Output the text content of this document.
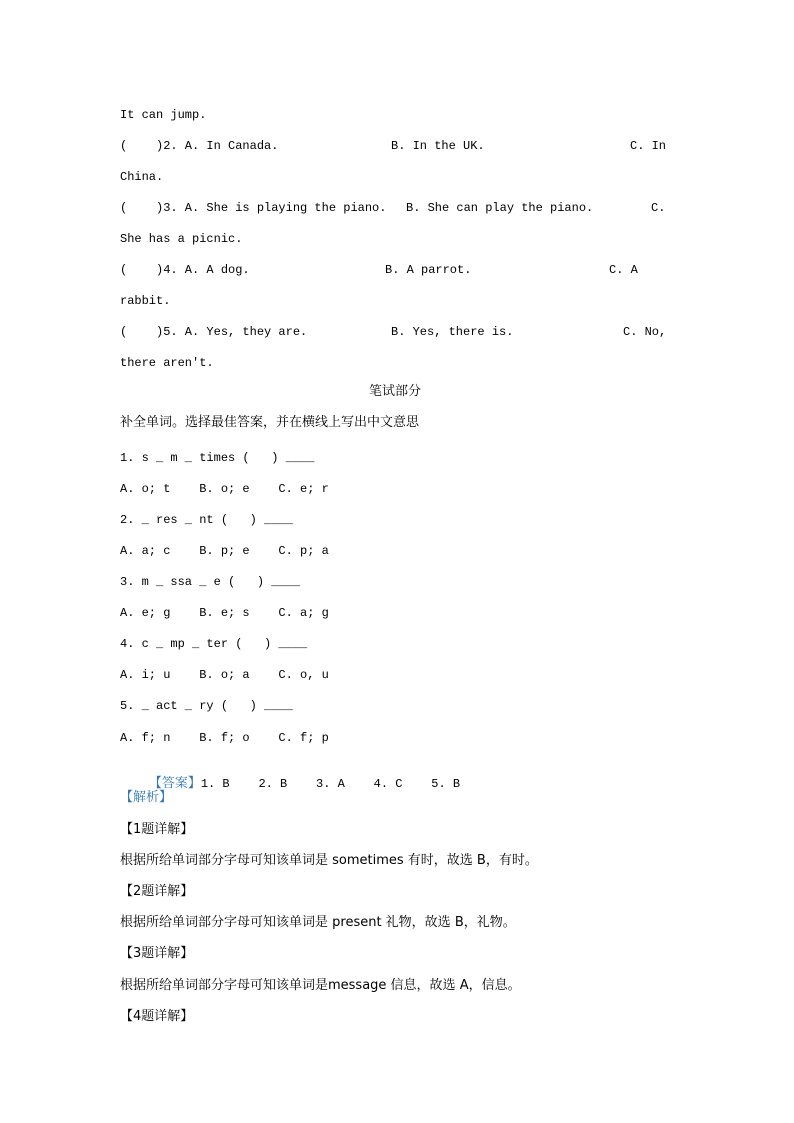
It can jump.
(    )2. A. In Canada.	B. In the UK.	C. In
China.
(    )3. A. She is playing the piano. B. She can play the piano.	C.
She has a picnic.
(    )4. A. A dog.	B. A parrot.	C. A
rabbit.
(    )5. A. Yes, they are.	B. Yes, there is.	C. No,
there aren't.
笔试部分
补全单词。选择最佳答案，并在横线上写出中文意思
1. s _ m _ times (   ) ____
A. o; t    B. o; e    C. e; r
2. _ res _ nt (   ) ____
A. a; c    B. p; e    C. p; a
3. m _ ssa _ e (   ) ____
A. e; g    B. e; s    C. a; g
4. c _ mp _ ter (   ) ____
A. i; u    B. o; a    C. o, u
5. _ act _ ry (   ) ____
A. f; n    B. f; o    C. f; p

【答案】1. B    2. B    3. A    4. C    5. B

【解析】
【1题详解】
根据所给单词部分字母可知该单词是 sometimes 有时，故选 B，有时。
【2题详解】
根据所给单词部分字母可知该单词是 present 礼物，故选 B，礼物。
【3题详解】
根据所给单词部分字母可知该单词是message 信息，故选 A，信息。
【4题详解】
